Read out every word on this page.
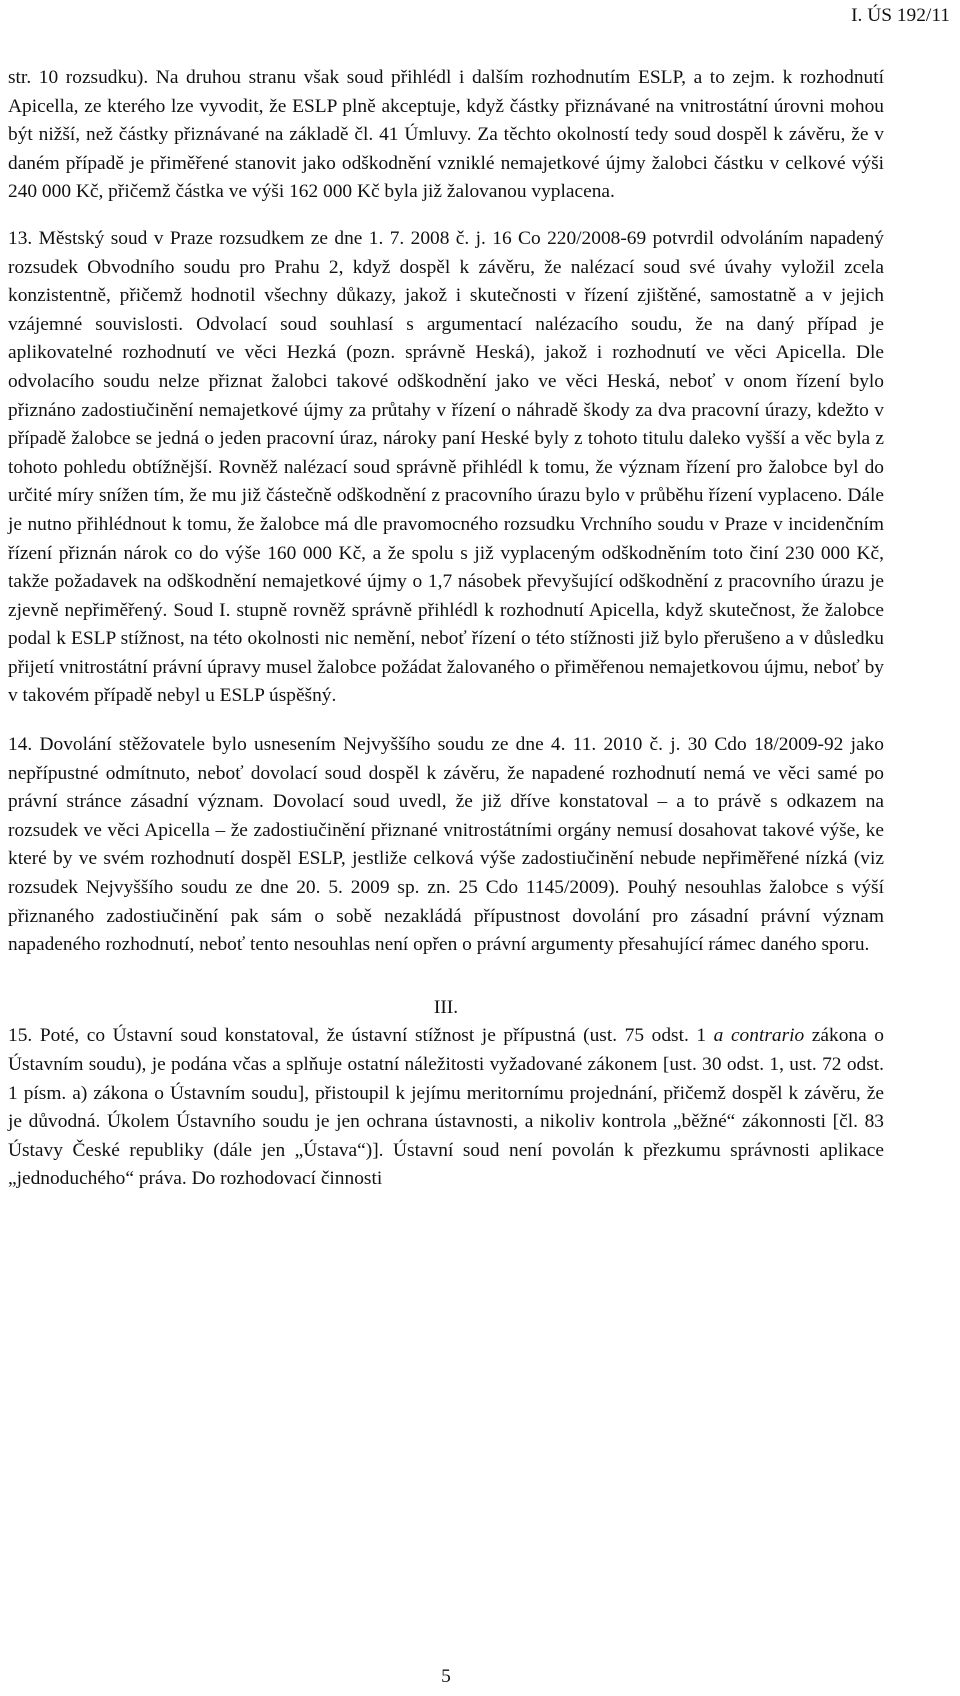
I. ÚS 192/11

str. 10 rozsudku). Na druhou stranu však soud přihlédl i dalším rozhodnutím ESLP, a to zejm. k rozhodnutí Apicella, ze kterého lze vyvodit, že ESLP plně akceptuje, když částky přiznávané na vnitrostátní úrovni mohou být nižší, než částky přiznávané na základě čl. 41 Úmluvy. Za těchto okolností tedy soud dospěl k závěru, že v daném případě je přiměřené stanovit jako odškodnění vzniklé nemajetkové újmy žalobci částku v celkové výši 240 000 Kč, přičemž částka ve výši 162 000 Kč byla již žalovanou vyplacena.

13. Městský soud v Praze rozsudkem ze dne 1. 7. 2008 č. j. 16 Co 220/2008-69 potvrdil odvoláním napadený rozsudek Obvodního soudu pro Prahu 2, když dospěl k závěru, že nalézací soud své úvahy vyložil zcela konzistentně, přičemž hodnotil všechny důkazy, jakož i skutečnosti v řízení zjištěné, samostatně a v jejich vzájemné souvislosti. Odvolací soud souhlasí s argumentací nalézacího soudu, že na daný případ je aplikovatelné rozhodnutí ve věci Hezká (pozn. správně Heská), jakož i rozhodnutí ve věci Apicella. Dle odvolacího soudu nelze přiznat žalobci takové odškodnění jako ve věci Heská, neboť v onom řízení bylo přiznáno zadostiučinění nemajetkové újmy za průtahy v řízení o náhradě škody za dva pracovní úrazy, kdežto v případě žalobce se jedná o jeden pracovní úraz, nároky paní Heské byly z tohoto titulu daleko vyšší a věc byla z tohoto pohledu obtížnější. Rovněž nalézací soud správně přihlédl k tomu, že význam řízení pro žalobce byl do určité míry snížen tím, že mu již částečně odškodnění z pracovního úrazu bylo v průběhu řízení vyplaceno. Dále je nutno přihlédnout k tomu, že žalobce má dle pravomocného rozsudku Vrchního soudu v Praze v incidenčním řízení přiznán nárok co do výše 160 000 Kč, a že spolu s již vyplaceným odškodněním toto činí 230 000 Kč, takže požadavek na odškodnění nemajetkové újmy o 1,7 násobek převyšující odškodnění z pracovního úrazu je zjevně nepřiměřený. Soud I. stupně rovněž správně přihlédl k rozhodnutí Apicella, když skutečnost, že žalobce podal k ESLP stížnost, na této okolnosti nic nemění, neboť řízení o této stížnosti již bylo přerušeno a v důsledku přijetí vnitrostátní právní úpravy musel žalobce požádat žalovaného o přiměřenou nemajetkovou újmu, neboť by v takovém případě nebyl u ESLP úspěšný.

14. Dovolání stěžovatele bylo usnesením Nejvyššího soudu ze dne 4. 11. 2010 č. j. 30 Cdo 18/2009-92 jako nepřípustné odmítnuto, neboť dovolací soud dospěl k závěru, že napadené rozhodnutí nemá ve věci samé po právní stránce zásadní význam. Dovolací soud uvedl, že již dříve konstatoval – a to právě s odkazem na rozsudek ve věci Apicella – že zadostiučinění přiznané vnitrostátními orgány nemusí dosahovat takové výše, ke které by ve svém rozhodnutí dospěl ESLP, jestliže celková výše zadostiučinění nebude nepřiměřené nízká (viz rozsudek Nejvyššího soudu ze dne 20. 5. 2009 sp. zn. 25 Cdo 1145/2009). Pouhý nesouhlas žalobce s výší přiznaného zadostiučinění pak sám o sobě nezakládá přípustnost dovolání pro zásadní právní význam napadeného rozhodnutí, neboť tento nesouhlas není opřen o právní argumenty přesahující rámec daného sporu.

III.

15. Poté, co Ústavní soud konstatoval, že ústavní stížnost je přípustná (ust. 75 odst. 1 a contrario zákona o Ústavním soudu), je podána včas a splňuje ostatní náležitosti vyžadované zákonem [ust. 30 odst. 1, ust. 72 odst. 1 písm. a) zákona o Ústavním soudu], přistoupil k jejímu meritornímu projednání, přičemž dospěl k závěru, že je důvodná. Úkolem Ústavního soudu je jen ochrana ústavnosti, a nikoliv kontrola „běžné“ zákonnosti [čl. 83 Ústavy České republiky (dále jen „Ústava“)]. Ústavní soud není povolán k přezkumu správnosti aplikace „jednoduchého“ práva. Do rozhodovací činnosti

5
